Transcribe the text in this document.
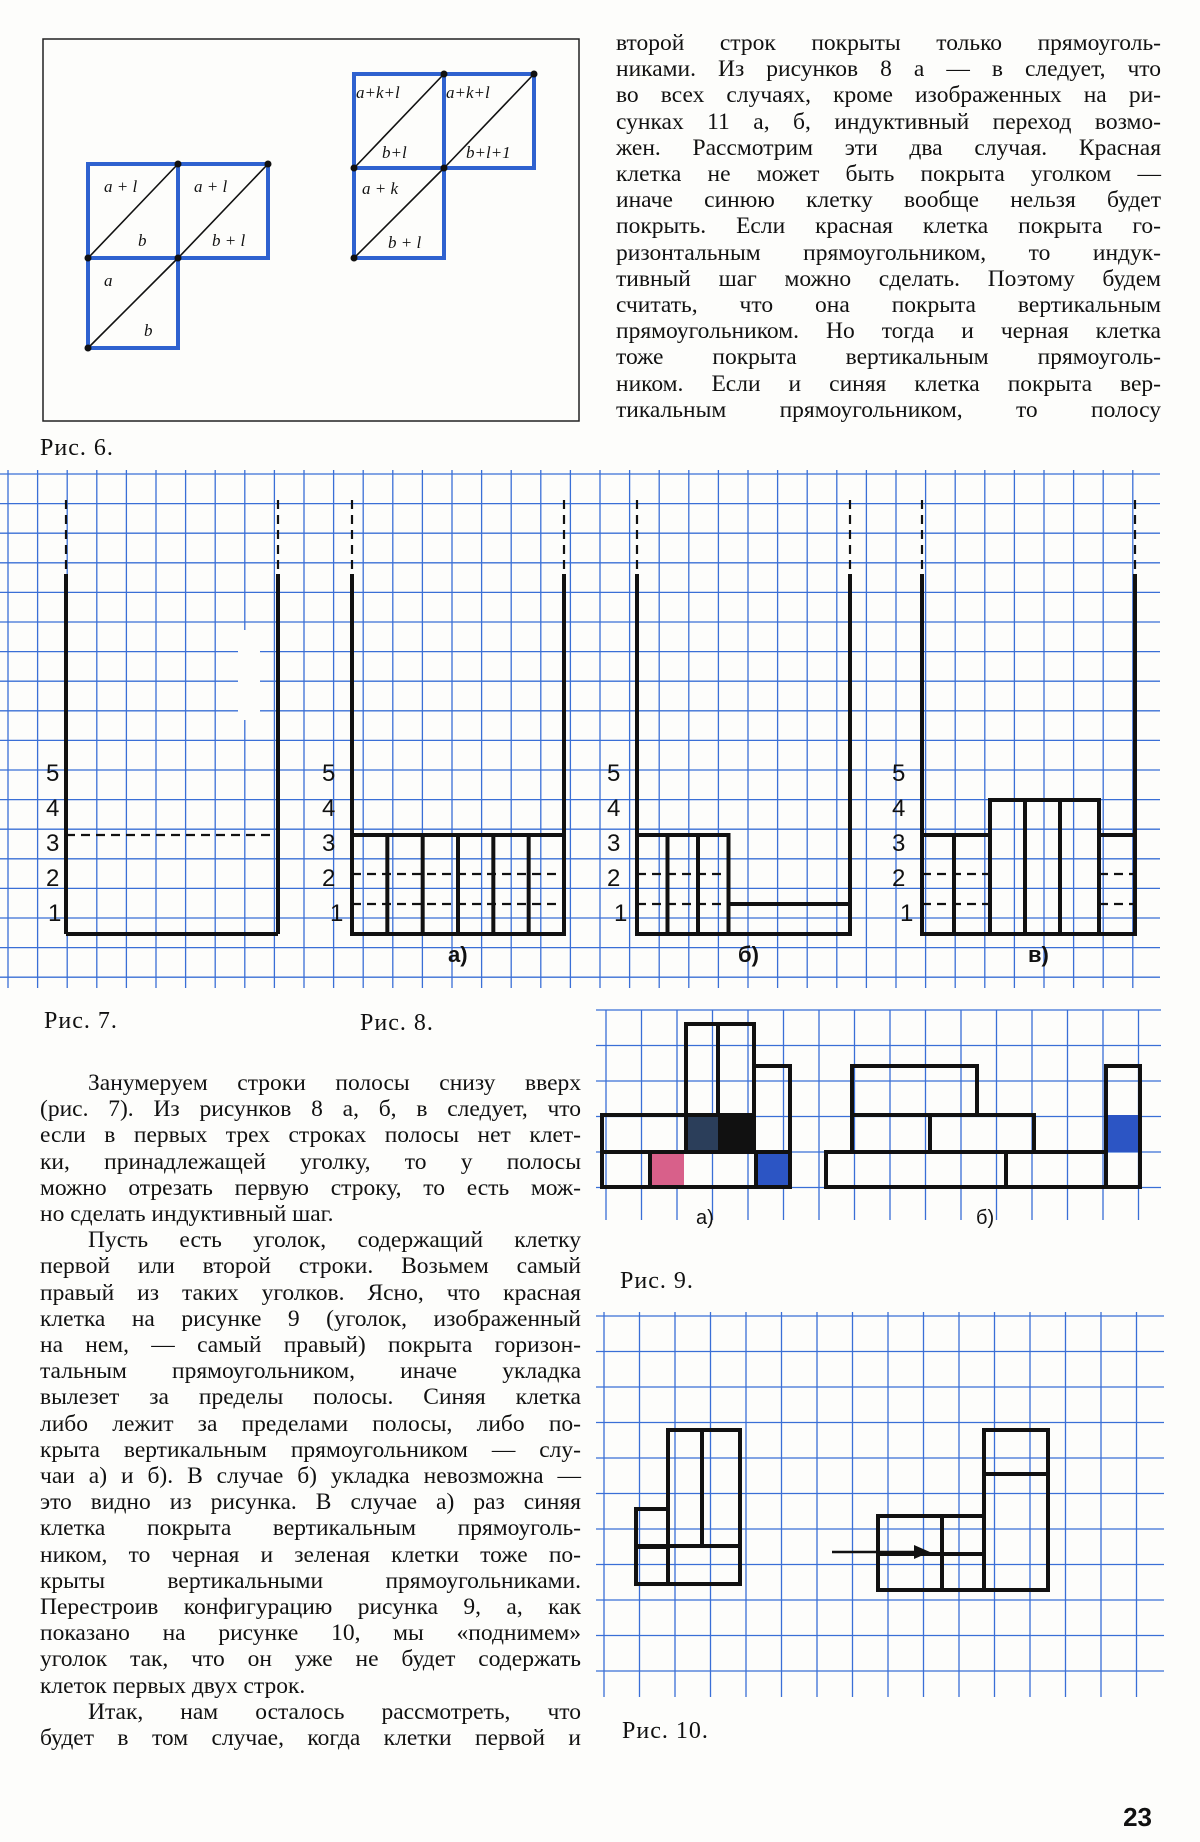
a + l
b
a + l
b + l
a
b
a+k+l
b+l
a+k+l
b+l+1
a + k
b + l
Рис. 6.
второй строк покрыты только прямоуголь-
никами. Из рисунков 8 а — в следует, что
во всех случаях, кроме изображенных на ри-
сунках 11 а, б, индуктивный переход возмо-
жен. Рассмотрим эти два случая. Красная
клетка не может быть покрыта уголком —
иначе синюю клетку вообще нельзя будет
покрыть. Если красная клетка покрыта го-
ризонтальным прямоугольником, то индук-
тивный шаг можно сделать. Поэтому будем
считать, что она покрыта вертикальным
прямоугольником. Но тогда и черная клетка
тоже покрыта вертикальным прямоуголь-
ником. Если и синяя клетка покрыта вер-
тикальным прямоугольником, то полосу
5
4
3
2
1
5
4
3
2
1
5
4
3
2
1
5
4
3
2
1
а)	б)	в)
Рис. 7.	Рис. 8.
а)	б)
Рис. 9.
Рис. 10.
Занумеруем строки полосы снизу вверх
(рис. 7). Из рисунков 8 а, б, в следует, что
если в первых трех строках полосы нет клет-
ки, принадлежащей уголку, то у полосы
можно отрезать первую строку, то есть мож-
но сделать индуктивный шаг.
Пусть есть уголок, содержащий клетку
первой или второй строки. Возьмем самый
правый из таких уголков. Ясно, что красная
клетка на рисунке 9 (уголок, изображенный
на нем, — самый правый) покрыта горизон-
тальным прямоугольником, иначе укладка
вылезет за пределы полосы. Синяя клетка
либо лежит за пределами полосы, либо по-
крыта вертикальным прямоугольником — слу-
чаи а) и б). В случае б) укладка невозможна —
это видно из рисунка. В случае а) раз синяя
клетка покрыта вертикальным прямоуголь-
ником, то черная и зеленая клетки тоже по-
крыты вертикальными прямоугольниками.
Перестроив конфигурацию рисунка 9, а, как
показано на рисунке 10, мы «поднимем»
уголок так, что он уже не будет содержать
клеток первых двух строк.
Итак, нам осталось рассмотреть, что
будет в том случае, когда клетки первой и
23
